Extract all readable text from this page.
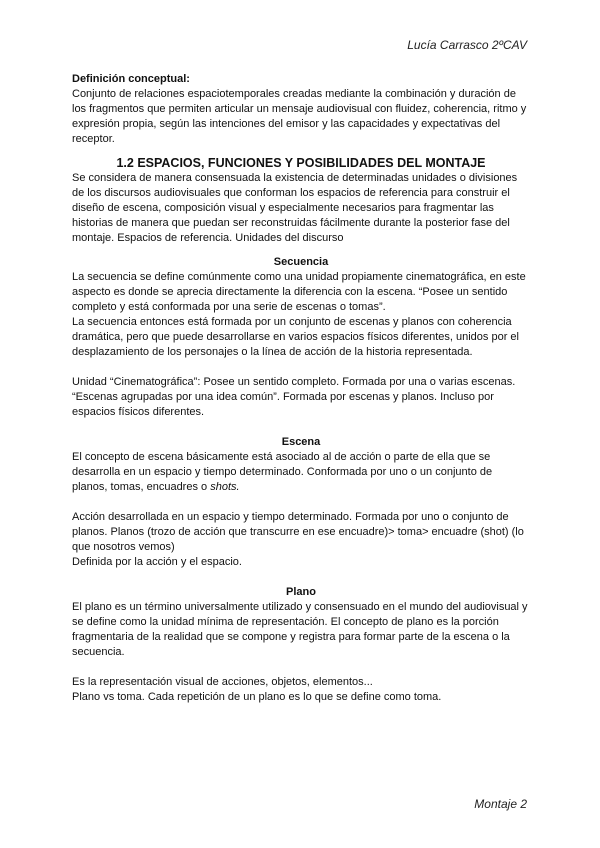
Lucía Carrasco 2ºCAV

Definición conceptual:

Conjunto de relaciones espaciotemporales creadas mediante la combinación y duración de los fragmentos que permiten articular un mensaje audiovisual con fluidez, coherencia, ritmo y expresión propia, según las intenciones del emisor y las capacidades y expectativas del receptor.

1.2 ESPACIOS, FUNCIONES Y POSIBILIDADES DEL MONTAJE

Se considera de manera consensuada la existencia de determinadas unidades o divisiones de los discursos audiovisuales que conforman los espacios de referencia para construir el diseño de escena, composición visual y especialmente necesarios para fragmentar las historias de manera que puedan ser reconstruidas fácilmente durante la posterior fase del montaje. Espacios de referencia. Unidades del discurso

Secuencia

La secuencia se define comúnmente como una unidad propiamente cinematográfica, en este aspecto es donde se aprecia directamente la diferencia con la escena. “Posee un sentido completo y está conformada por una serie de escenas o tomas”.

La secuencia entonces está formada por un conjunto de escenas y planos con coherencia dramática, pero que puede desarrollarse en varios espacios físicos diferentes, unidos por el desplazamiento de los personajes o la línea de acción de la historia representada.

Unidad “Cinematográfica”: Posee un sentido completo. Formada por una o varias escenas. “Escenas agrupadas por una idea común”. Formada por escenas y planos. Incluso por espacios físicos diferentes.

Escena

El concepto de escena básicamente está asociado al de acción o parte de ella que se desarrolla en un espacio y tiempo determinado. Conformada por uno o un conjunto de planos, tomas, encuadres o shots.

Acción desarrollada en un espacio y tiempo determinado. Formada por uno o conjunto de planos. Planos (trozo de acción que transcurre en ese encuadre)> toma> encuadre (shot) (lo que nosotros vemos)

Definida por la acción y el espacio.

Plano

El plano es un término universalmente utilizado y consensuado en el mundo del audiovisual y se define como la unidad mínima de representación. El concepto de plano es la porción fragmentaria de la realidad que se compone y registra para formar parte de la escena o la secuencia.

Es la representación visual de acciones, objetos, elementos...

Plano vs toma. Cada repetición de un plano es lo que se define como toma.

Montaje 2
